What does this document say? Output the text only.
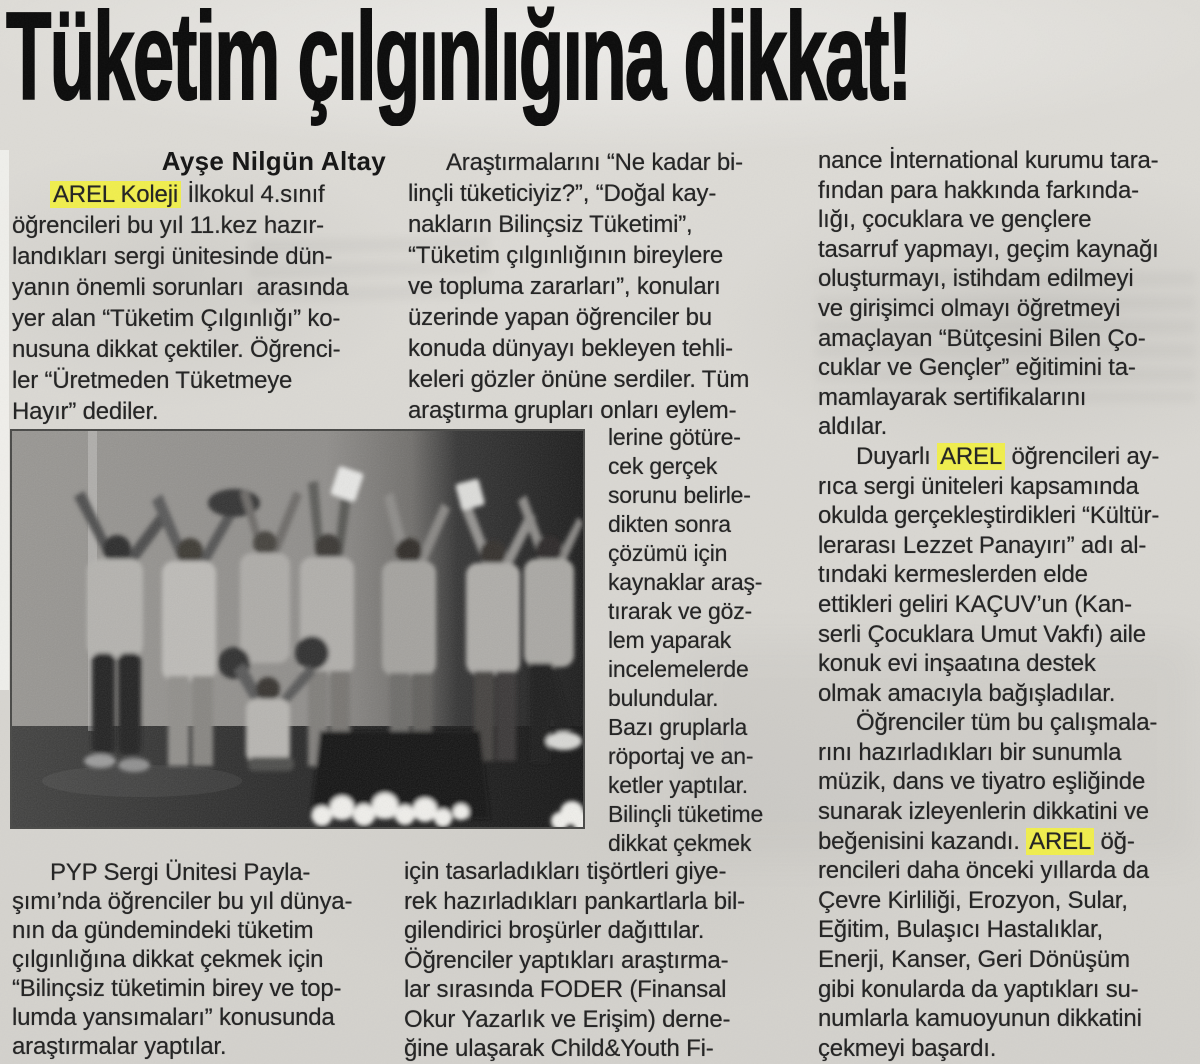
Tüketim çılgınlığına dikkat!
Ayşe Nilgün Altay
AREL Koleji İlkokul 4.sınıf
öğrencileri bu yıl 11.kez hazır-
landıkları sergi ünitesinde dün-
yanın önemli sorunları  arasında
yer alan “Tüketim Çılgınlığı” ko-
nusuna dikkat çektiler. Öğrenci-
ler “Üretmeden Tüketmeye
Hayır” dediler.
PYP Sergi Ünitesi Payla-
şımı’nda öğrenciler bu yıl dünya-
nın da gündemindeki tüketim
çılgınlığına dikkat çekmek için
“Bilinçsiz tüketimin birey ve top-
lumda yansımaları” konusunda
araştırmalar yaptılar.
Araştırmalarını “Ne kadar bi-
linçli tüketiciyiz?”, “Doğal kay-
nakların Bilinçsiz Tüketimi”,
“Tüketim çılgınlığının bireylere
ve topluma zararları”, konuları
üzerinde yapan öğrenciler bu
konuda dünyayı bekleyen tehli-
keleri gözler önüne serdiler. Tüm
araştırma grupları onları eylem-
lerine götüre-
cek gerçek
sorunu belirle-
dikten sonra
çözümü için
kaynaklar araş-
tırarak ve göz-
lem yaparak
incelemelerde
bulundular.
Bazı gruplarla
röportaj ve an-
ketler yaptılar.
Bilinçli tüketime
dikkat çekmek
için tasarladıkları tişörtleri giye-
rek hazırladıkları pankartlarla bil-
gilendirici broşürler dağıttılar.
Öğrenciler yaptıkları araştırma-
lar sırasında FODER (Finansal
Okur Yazarlık ve Erişim) derne-
ğine ulaşarak Child&Youth Fi-
nance İnternational kurumu tara-
fından para hakkında farkında-
lığı, çocuklara ve gençlere
tasarruf yapmayı, geçim kaynağı
oluşturmayı, istihdam edilmeyi
ve girişimci olmayı öğretmeyi
amaçlayan “Bütçesini Bilen Ço-
cuklar ve Gençler” eğitimini ta-
mamlayarak sertifikalarını
aldılar.
Duyarlı AREL öğrencileri ay-
rıca sergi üniteleri kapsamında
okulda gerçekleştirdikleri “Kültür-
lerarası Lezzet Panayırı” adı al-
tındaki kermeslerden elde
ettikleri geliri KAÇUV’un (Kan-
serli Çocuklara Umut Vakfı) aile
konuk evi inşaatına destek
olmak amacıyla bağışladılar.
Öğrenciler tüm bu çalışmala-
rını hazırladıkları bir sunumla
müzik, dans ve tiyatro eşliğinde
sunarak izleyenlerin dikkatini ve
beğenisini kazandı. AREL öğ-
rencileri daha önceki yıllarda da
Çevre Kirliliği, Erozyon, Sular,
Eğitim, Bulaşıcı Hastalıklar,
Enerji, Kanser, Geri Dönüşüm
gibi konularda da yaptıkları su-
numlarla kamuoyunun dikkatini
çekmeyi başardı.
